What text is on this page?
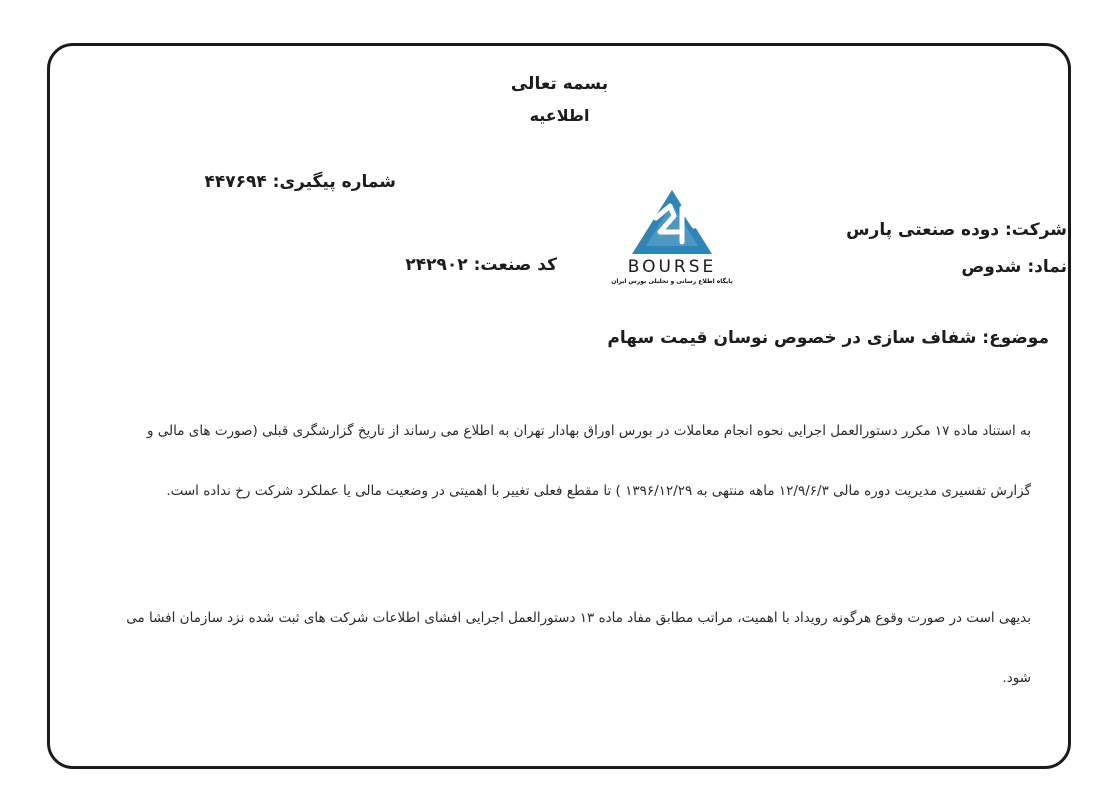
بسمه تعالی
اطلاعیه
شماره پیگیری: ۴۴۷۶۹۴
شرکت: دوده صنعتی پارس
نماد: شدوص
کد صنعت: ۲۴۲۹۰۲	BOURSE
پایگاه اطلاع رسانی و تحلیلی بورس ایران
موضوع: شفاف سازی در خصوص نوسان قیمت سهام
به استناد ماده ۱۷ مکرر دستورالعمل اجرایی نحوه انجام معاملات در بورس اوراق بهادار تهران به اطلاع می رساند از تاریخ گزارشگری قبلی (صورت های مالی و
گزارش تفسیری مدیریت دوره مالی ۱۲/۹/۶/۳ ماهه منتهی به ۱۳۹۶/۱۲/۲۹ ) تا مقطع فعلی تغییر با اهمیتی در وضعیت مالی یا عملکرد شرکت رخ نداده است.
بدیهی است در صورت وقوع هرگونه رویداد با اهمیت، مراتب مطابق مفاد ماده ۱۳ دستورالعمل اجرایی افشای اطلاعات شرکت های ثبت شده نزد سازمان افشا می
شود.
